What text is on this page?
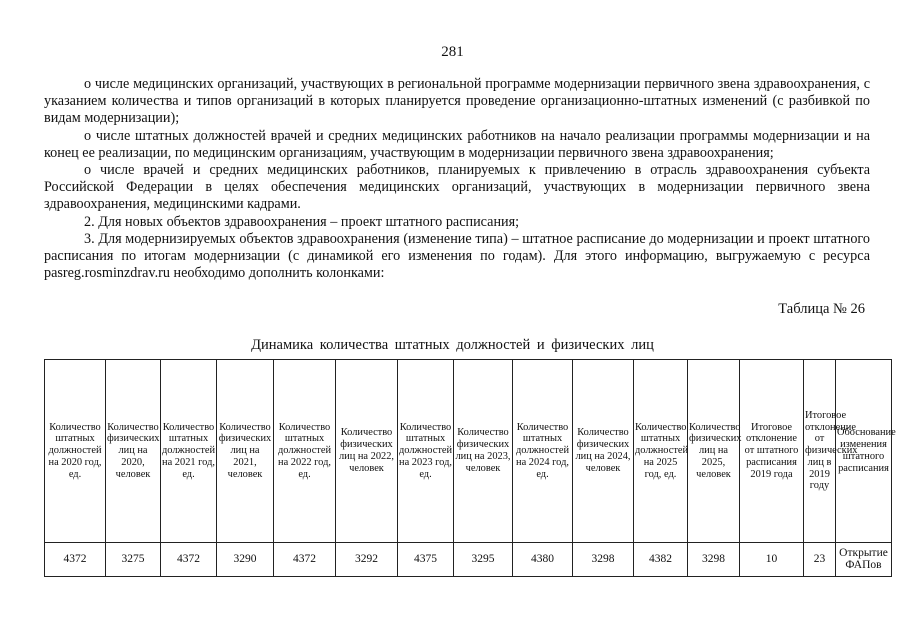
281

о числе медицинских организаций, участвующих в региональной программе модернизации первичного звена здравоохранения, с указанием количества и типов организаций в которых планируется проведение организационно-штатных изменений (с разбивкой по видам модернизации);

о числе штатных должностей врачей и средних медицинских работников на начало реализации программы модернизации и на конец ее реализации, по медицинским организациям, участвующим в модернизации первичного звена здравоохранения;

о числе врачей и средних медицинских работников, планируемых к привлечению в отрасль здравоохранения субъекта Российской Федерации в целях обеспечения медицинских организаций, участвующих в модернизации первичного звена здравоохранения, медицинскими кадрами.

2. Для новых объектов здравоохранения – проект штатного расписания;

3. Для модернизируемых объектов здравоохранения (изменение типа) – штатное расписание до модернизации и проект штатного расписания по итогам модернизации (с динамикой его изменения по годам). Для этого информацию, выгружаемую с ресурса pasreg.rosminzdrav.ru необходимо дополнить колонками:

Таблица № 26
Динамика количества штатных должностей и физических лиц
Количество штатных должностей на 2020 год, ед.	Количество физических лиц на 2020, человек	Количество штатных должностей на 2021 год, ед.	Количество физических лиц на 2021, человек	Количество штатных должностей на 2022 год, ед.	Количество физических лиц на 2022, человек	Количество штатных должностей на 2023 год, ед.	Количество физических лиц на 2023, человек	Количество штатных должностей на 2024 год, ед.	Количество физических лиц на 2024, человек	Количество штатных должностей на 2025 год, ед.	Количество физических лиц на 2025, человек	Итоговое отклонение от штатного расписания 2019 года	Итоговое отклонение от физических лиц в 2019 году	Обоснование изменения штатного расписания
4372	3275	4372	3290	4372	3292	4375	3295	4380	3298	4382	3298	10	23	Открытие ФАПов
